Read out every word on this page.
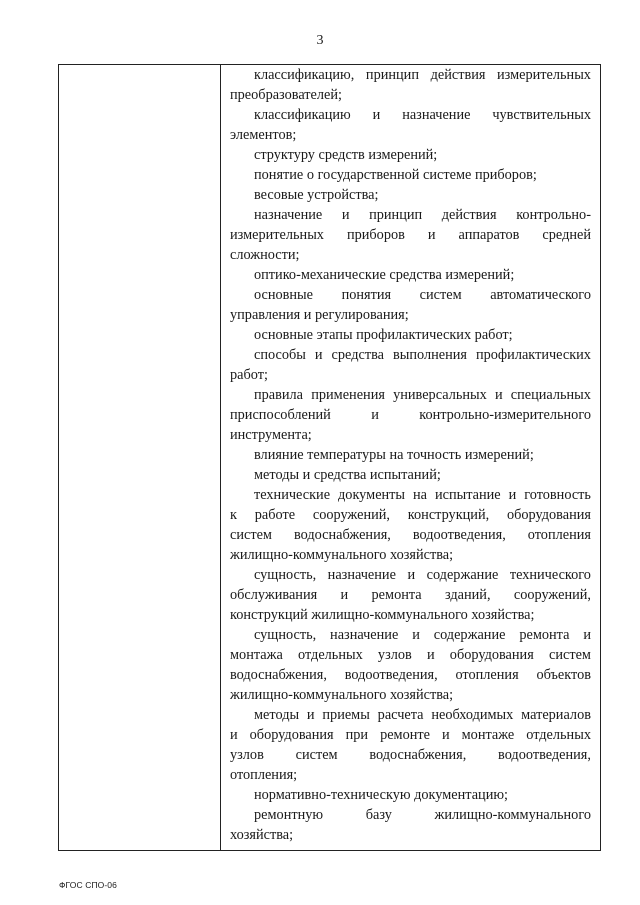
3
классификацию, принцип действия измерительных
преобразователей;
классификацию и назначение чувствительных
элементов;
структуру средств измерений;
понятие о государственной системе приборов;
весовые устройства;
назначение и принцип действия контрольно-
измерительных приборов и аппаратов средней
сложности;
оптико-механические средства измерений;
основные понятия систем автоматического
управления и регулирования;
основные этапы профилактических работ;
способы и средства выполнения профилактических
работ;
правила применения универсальных и специальных
приспособлений	и	контрольно-измерительного
инструмента;
влияние температуры на точность измерений;
методы и средства испытаний;
технические документы на испытание и готовность
к работе сооружений, конструкций, оборудования
систем водоснабжения, водоотведения, отопления
жилищно-коммунального хозяйства;
сущность, назначение и содержание технического
обслуживания и ремонта зданий, сооружений,
конструкций жилищно-коммунального хозяйства;
сущность, назначение и содержание ремонта и
монтажа отдельных узлов и оборудования систем
водоснабжения, водоотведения, отопления объектов
жилищно-коммунального хозяйства;
методы и приемы расчета необходимых материалов
и оборудования при ремонте и монтаже отдельных
узлов систем водоснабжения, водоотведения,
отопления;
нормативно-техническую документацию;
ремонтную	базу	жилищно-коммунального
хозяйства;
ФГОС СПО-06
